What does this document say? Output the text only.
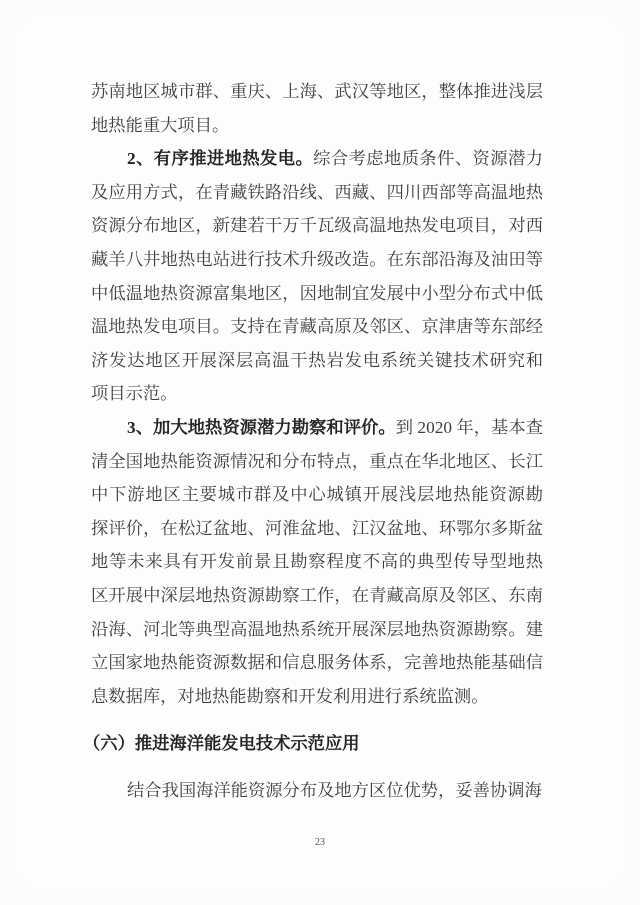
苏南地区城市群、重庆、上海、武汉等地区，整体推进浅层
地热能重大项目。
2、有序推进地热发电。综合考虑地质条件、资源潜力
及应用方式，在青藏铁路沿线、西藏、四川西部等高温地热
资源分布地区，新建若干万千瓦级高温地热发电项目，对西
藏羊八井地热电站进行技术升级改造。在东部沿海及油田等
中低温地热资源富集地区，因地制宜发展中小型分布式中低
温地热发电项目。支持在青藏高原及邻区、京津唐等东部经
济发达地区开展深层高温干热岩发电系统关键技术研究和
项目示范。
3、加大地热资源潜力勘察和评价。到 2020 年，基本查
清全国地热能资源情况和分布特点，重点在华北地区、长江
中下游地区主要城市群及中心城镇开展浅层地热能资源勘
探评价，在松辽盆地、河淮盆地、江汉盆地、环鄂尔多斯盆
地等未来具有开发前景且勘察程度不高的典型传导型地热
区开展中深层地热资源勘察工作，在青藏高原及邻区、东南
沿海、河北等典型高温地热系统开展深层地热资源勘察。建
立国家地热能资源数据和信息服务体系，完善地热能基础信
息数据库，对地热能勘察和开发利用进行系统监测。
（六）推进海洋能发电技术示范应用
结合我国海洋能资源分布及地方区位优势，妥善协调海
23
